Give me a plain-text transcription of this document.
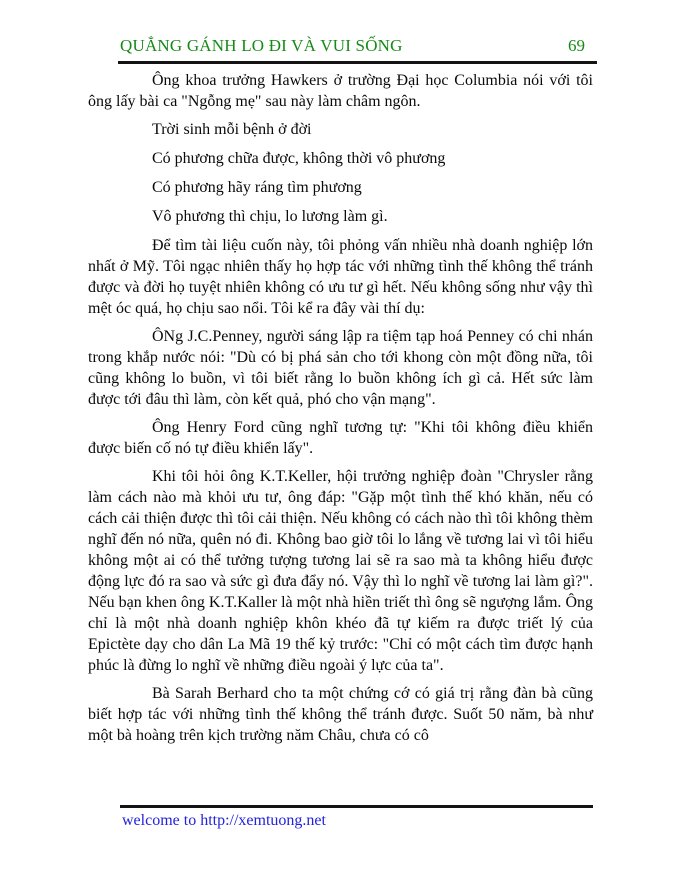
QUẲNG GÁNH LO ĐI VÀ VUI SỐNG	69

Ông khoa trưởng Hawkers ở trường Đại học Columbia nói với tôi ông lấy bài ca "Ngỗng mẹ" sau này làm châm ngôn.

Trời sinh mỗi bệnh ở đời

Có phương chữa được, không thời vô phương

Có phương hãy ráng tìm phương

Vô phương thì chịu, lo lương làm gì.

Để tìm tài liệu cuốn này, tôi phỏng vấn nhiều nhà doanh nghiệp lớn nhất ở Mỹ. Tôi ngạc nhiên thấy họ hợp tác với những tình thế không thể tránh được và đời họ tuyệt nhiên không có ưu tư gì hết. Nếu không sống như vậy thì mệt óc quá, họ chịu sao nổi. Tôi kể ra đây vài thí dụ:

ÔNg J.C.Penney, người sáng lập ra tiệm tạp hoá Penney có chi nhán trong khắp nước nói: "Dù có bị phá sản cho tới khong còn một đồng nữa, tôi cũng không lo buồn, vì tôi biết rằng lo buồn không ích gì cả. Hết sức làm được tới đâu thì làm, còn kết quả, phó cho vận mạng".

Ông Henry Ford cũng nghĩ tương tự: "Khi tôi không điều khiển được biến cố nó tự điều khiển lấy".

Khi tôi hỏi ông K.T.Keller, hội trưởng nghiệp đoàn "Chrysler rằng làm cách nào mà khỏi ưu tư, ông đáp: "Gặp một tình thế khó khăn, nếu có cách cải thiện được thì tôi cải thiện. Nếu không có cách nào thì tôi không thèm nghĩ đến nó nữa, quên nó đi. Không bao giờ tôi lo lắng về tương lai vì tôi hiểu không một ai có thể tưởng tượng tương lai sẽ ra sao mà ta không hiểu được động lực đó ra sao và sức gì đưa đẩy nó. Vậy thì lo nghĩ về tương lai làm gì?". Nếu bạn khen ông K.T.Kaller là một nhà hiền triết thì ông sẽ ngượng lắm. Ông chỉ là một nhà doanh nghiệp khôn khéo đã tự kiếm ra được triết lý của Epictète dạy cho dân La Mã 19 thế kỷ trước: "Chỉ có một cách tìm được hạnh phúc là đừng lo nghĩ về những điều ngoài ý lực của ta".

Bà Sarah Berhard cho ta một chứng cớ có giá trị rằng đàn bà cũng biết hợp tác với những tình thế không thể tránh được. Suốt 50 năm, bà như một bà hoàng trên kịch trường năm Châu, chưa có cô

welcome to http://xemtuong.net
